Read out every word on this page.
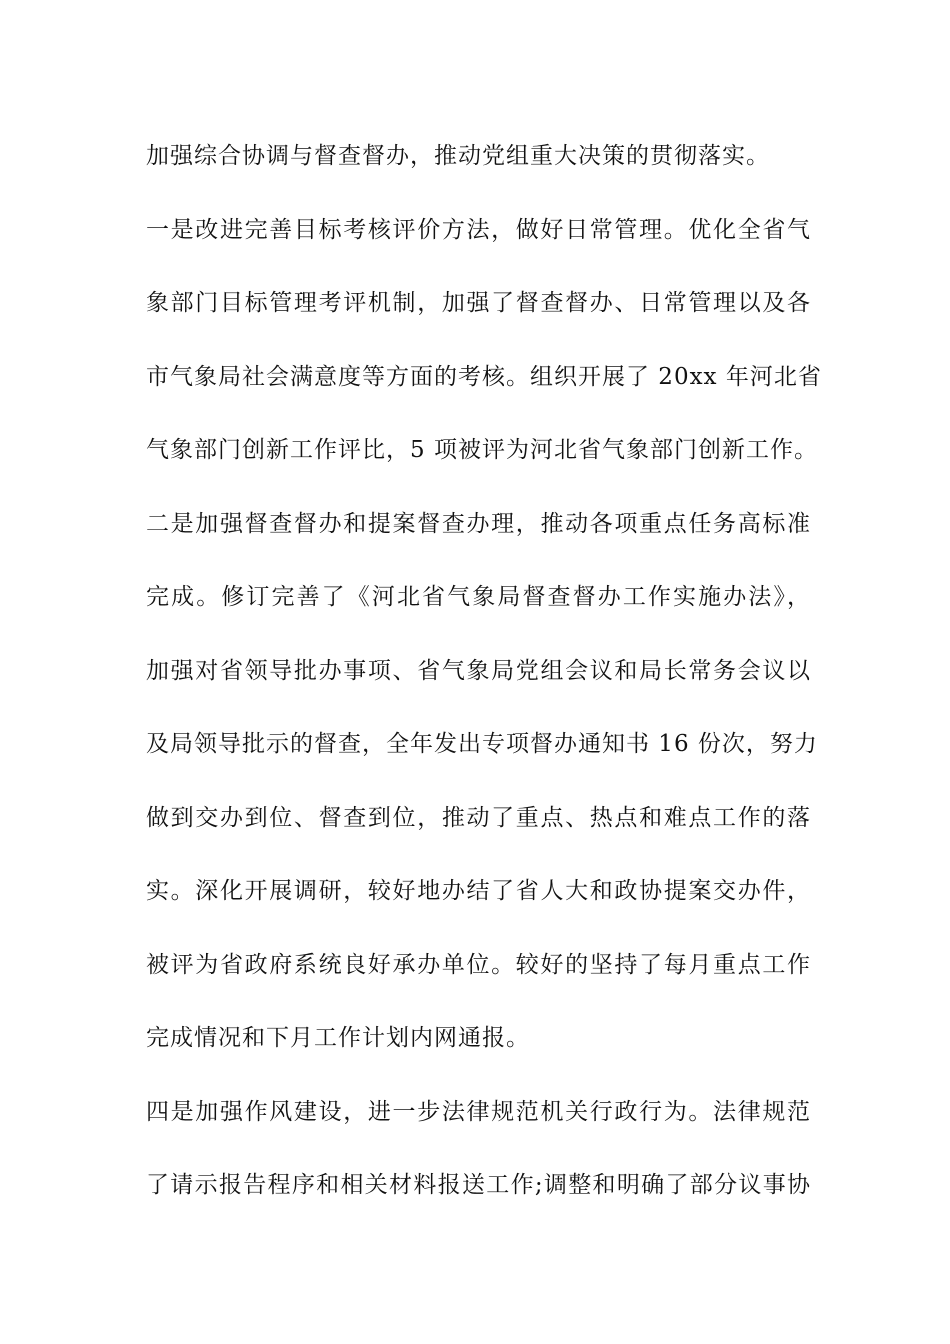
加强综合协调与督查督办，推动党组重大决策的贯彻落实。
一是改进完善目标考核评价方法，做好日常管理。优化全省气
象部门目标管理考评机制，加强了督查督办、日常管理以及各
市气象局社会满意度等方面的考核。组织开展了 20xx 年河北省
气象部门创新工作评比，5 项被评为河北省气象部门创新工作。
二是加强督查督办和提案督查办理，推动各项重点任务高标准
完成。修订完善了《河北省气象局督查督办工作实施办法》，
加强对省领导批办事项、省气象局党组会议和局长常务会议以
及局领导批示的督查，全年发出专项督办通知书 16 份次，努力
做到交办到位、督查到位，推动了重点、热点和难点工作的落
实。深化开展调研，较好地办结了省人大和政协提案交办件，
被评为省政府系统良好承办单位。较好的坚持了每月重点工作
完成情况和下月工作计划内网通报。
四是加强作风建设，进一步法律规范机关行政行为。法律规范
了请示报告程序和相关材料报送工作;调整和明确了部分议事协
